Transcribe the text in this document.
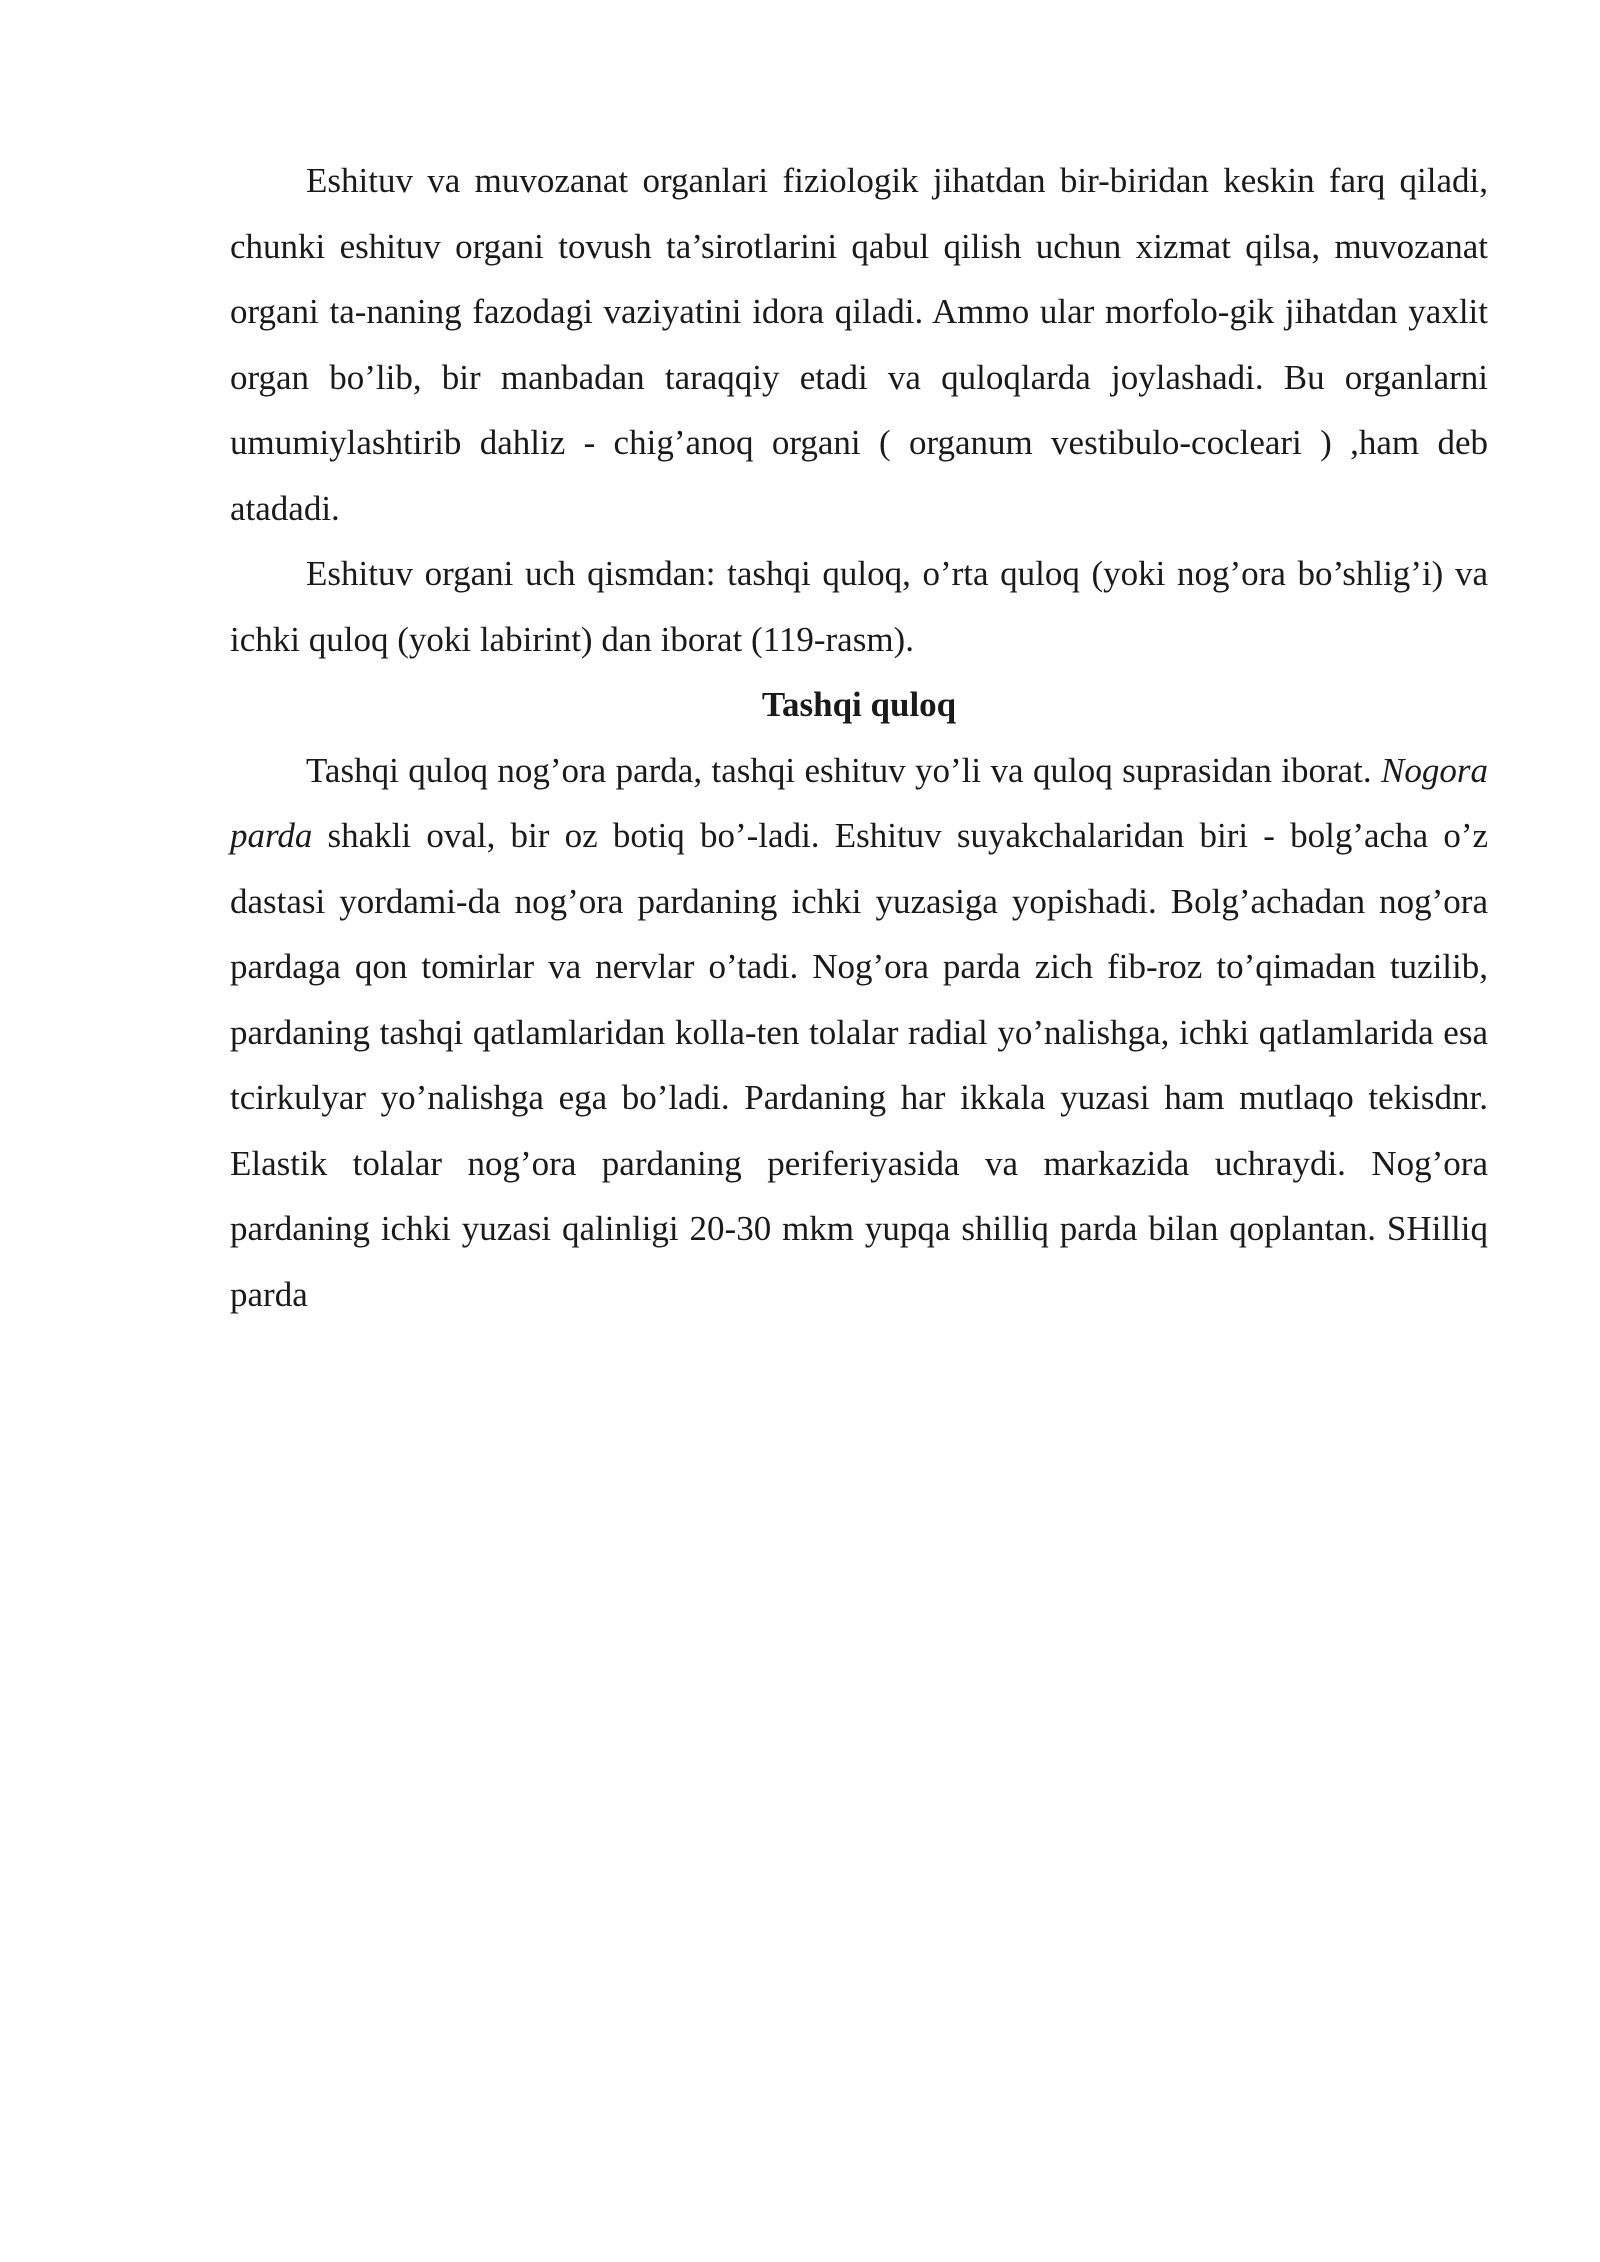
Eshituv va muvozanat organlari fiziologik jihatdan bir-biridan keskin farq qiladi, chunki eshituv organi tovush ta’sirotlarini qabul qilish uchun xizmat qilsa, muvozanat organi ta-naning fazodagi vaziyatini idora qiladi. Ammo ular morfolo-gik jihatdan yaxlit organ bo’lib, bir manbadan taraqqiy etadi va quloqlarda joylashadi. Bu organlarni umumiylashtirib dahliz - chig’anoq organi ( organum vestibulo-cocleari ) ,ham deb atadadi.

Eshituv organi uch qismdan: tashqi quloq, o’rta quloq (yoki nog’ora bo’shlig’i) va ichki quloq (yoki labirint) dan iborat (119-rasm).

Tashqi quloq

Tashqi quloq nog’ora parda, tashqi eshituv yo’li va quloq suprasidan iborat. Nogora parda shakli oval, bir oz botiq bo’-ladi. Eshituv suyakchalaridan biri - bolg’acha o’z dastasi yordami-da nog’ora pardaning ichki yuzasiga yopishadi. Bolg’achadan nog’ora pardaga qon tomirlar va nervlar o’tadi. Nog’ora parda zich fib-roz to’qimadan tuzilib, pardaning tashqi qatlamlaridan kolla-ten tolalar radial yo’nalishga, ichki qatlamlarida esa tcirkulyar yo’nalishga ega bo’ladi. Pardaning har ikkala yuzasi ham mutlaqo tekisdnr. Elastik tolalar nog’ora pardaning periferiyasida va markazida uchraydi. Nog’ora pardaning ichki yuzasi qalinligi 20-30 mkm yupqa shilliq parda bilan qoplantan. SHilliq parda
